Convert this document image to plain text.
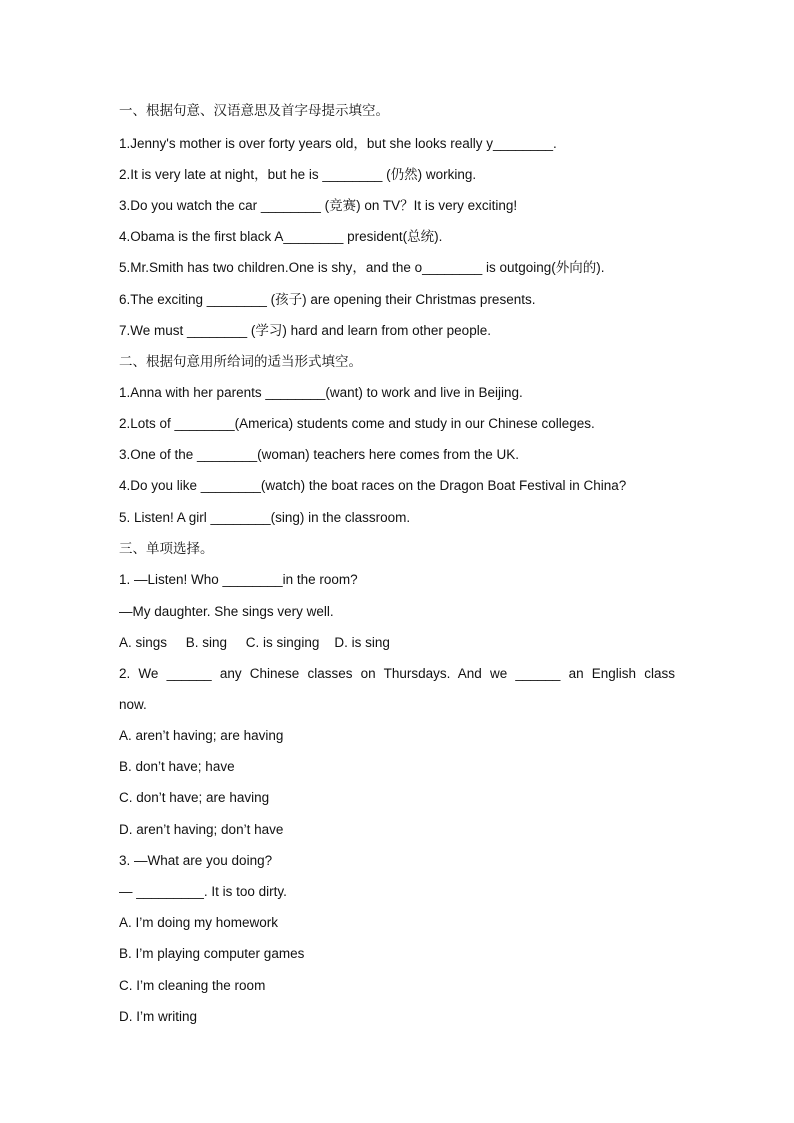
一、根据句意、汉语意思及首字母提示填空。
1.Jenny's mother is over forty years old，but she looks really y________.
2.It is very late at night，but he is ________ (仍然) working.
3.Do you watch the car ________ (竞赛) on TV？It is very exciting!
4.Obama is the first black A________ president(总统).
5.Mr.Smith has two children.One is shy，and the o________ is outgoing(外向的).
6.The exciting ________ (孩子) are opening their Christmas presents.
7.We must ________ (学习) hard and learn from other people.
二、根据句意用所给词的适当形式填空。
1.Anna with her parents ________(want) to work and live in Beijing.
2.Lots of ________(America) students come and study in our Chinese colleges.
3.One of the ________(woman) teachers here comes from the UK.
4.Do you like ________(watch) the boat races on the Dragon Boat Festival in China?
5. Listen! A girl ________(sing) in the classroom.
三、单项选择。
1. —Listen! Who ________in the room?
—My daughter. She sings very well.
A. sings     B. sing     C. is singing    D. is sing
2. We ______ any Chinese classes on Thursdays. And we ______ an English class
now.
A. aren’t having; are having
B. don’t have; have
C. don’t have; are having
D. aren’t having; don’t have
3. —What are you doing?
— _________. It is too dirty.
A. I’m doing my homework
B. I’m playing computer games
C. I’m cleaning the room
D. I’m writing
